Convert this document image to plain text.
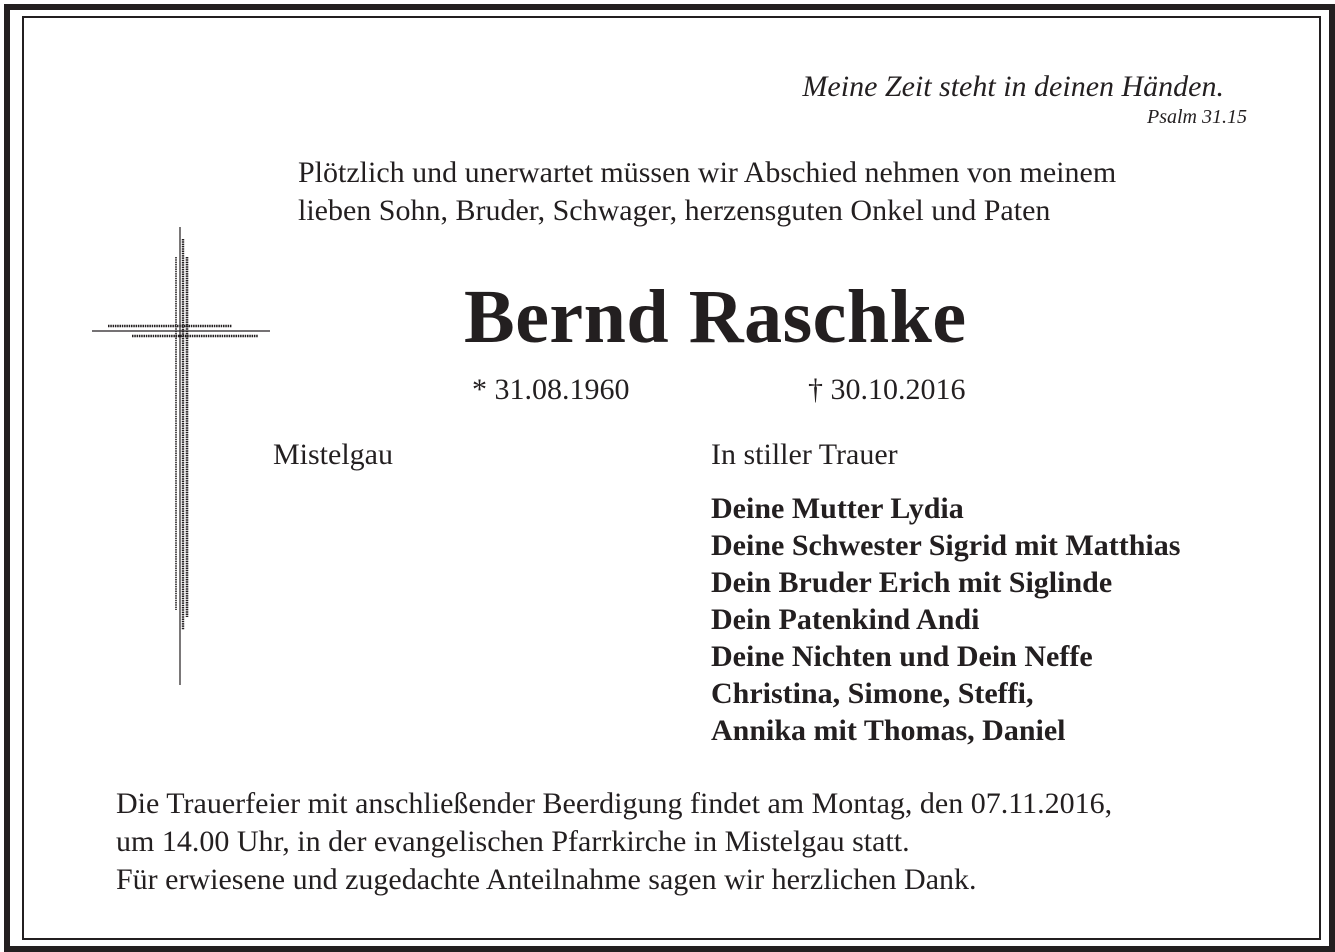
Meine Zeit steht in deinen Händen.

Psalm 31.15

Plötzlich und unerwartet müssen wir Abschied nehmen von meinem
lieben Sohn, Bruder, Schwager, herzensguten Onkel und Paten

Bernd Raschke

* 31.08.1960	† 30.10.2016

Mistelgau	In stiller Trauer

Deine Mutter Lydia
Deine Schwester Sigrid mit Matthias
Dein Bruder Erich mit Siglinde
Dein Patenkind Andi
Deine Nichten und Dein Neffe
Christina, Simone, Steffi,
Annika mit Thomas, Daniel
Die Trauerfeier mit anschließender Beerdigung findet am Montag, den 07.11.2016,
um 14.00 Uhr, in der evangelischen Pfarrkirche in Mistelgau statt.
Für erwiesene und zugedachte Anteilnahme sagen wir herzlichen Dank.
